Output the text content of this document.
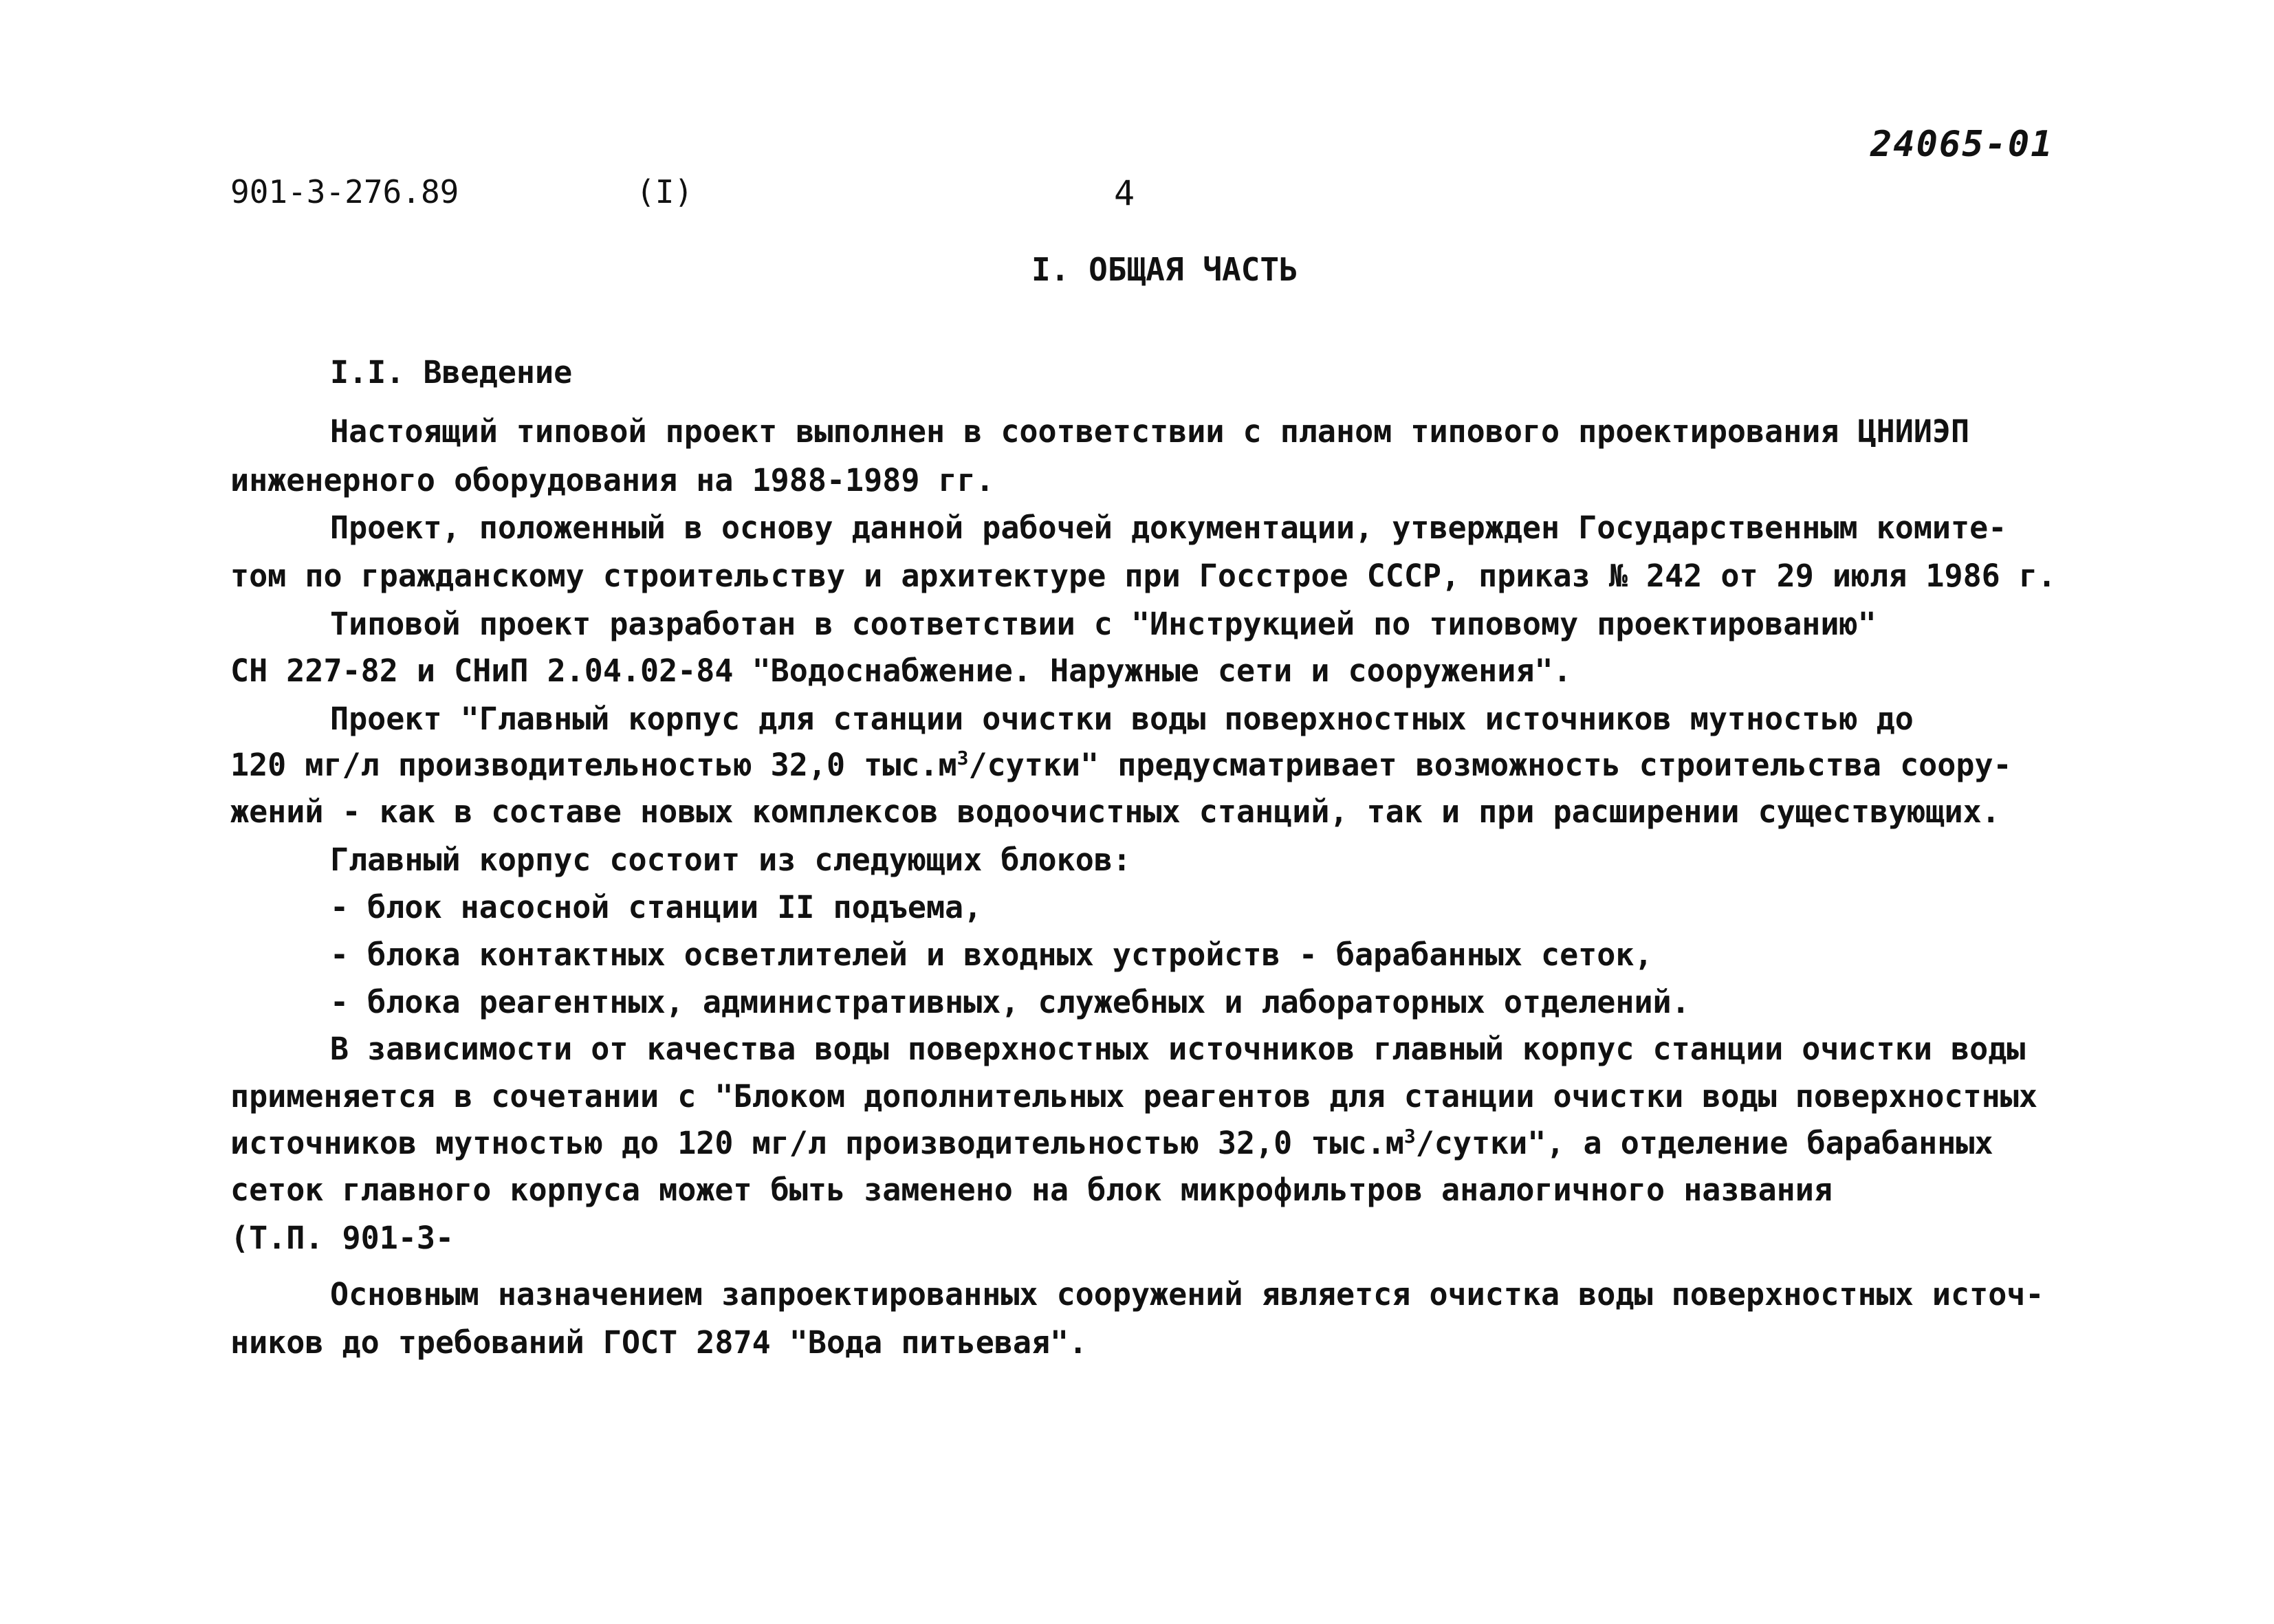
901-3-276.89	(I)	4
24065-01
I. ОБЩАЯ ЧАСТЬ
I.I. Введение
Настоящий типовой проект выполнен в соответствии с планом типового проектирования ЦНИИЭП
инженерного оборудования на 1988-1989 гг.
Проект, положенный в основу данной рабочей документации, утвержден Государственным комите-
том по гражданскому строительству и архитектуре при Госстрое СССР, приказ № 242 от 29 июля 1986 г.
Типовой проект разработан в соответствии с "Инструкцией по типовому проектированию"
СН 227-82 и СНиП 2.04.02-84 "Водоснабжение. Наружные сети и сооружения".
Проект "Главный корпус для станции очистки воды поверхностных источников мутностью до
120 мг/л производительностью 32,0 $тыс.м^3$/сутки" предусматривает возможность строительства соору-
жений - как в составе новых комплексов водоочистных станций, так и при расширении существующих.
Главный корпус состоит из следующих блоков:
- блок насосной станции II подъема,
- блока контактных осветлителей и входных устройств - барабанных сеток,
- блока реагентных, административных, служебных и лабораторных отделений.
В зависимости от качества воды поверхностных источников главный корпус станции очистки воды
применяется в сочетании с "Блоком дополнительных реагентов для станции очистки воды поверхностных
источников мутностью до 120 мг/л производительностью 32,0 $тыс.м^3$/сутки", а отделение барабанных
сеток главного корпуса может быть заменено на блок микрофильтров аналогичного названия
(Т.П. 901-3-
Основным назначением запроектированных сооружений является очистка воды поверхностных источ-
ников до требований ГОСТ 2874 "Вода питьевая".
